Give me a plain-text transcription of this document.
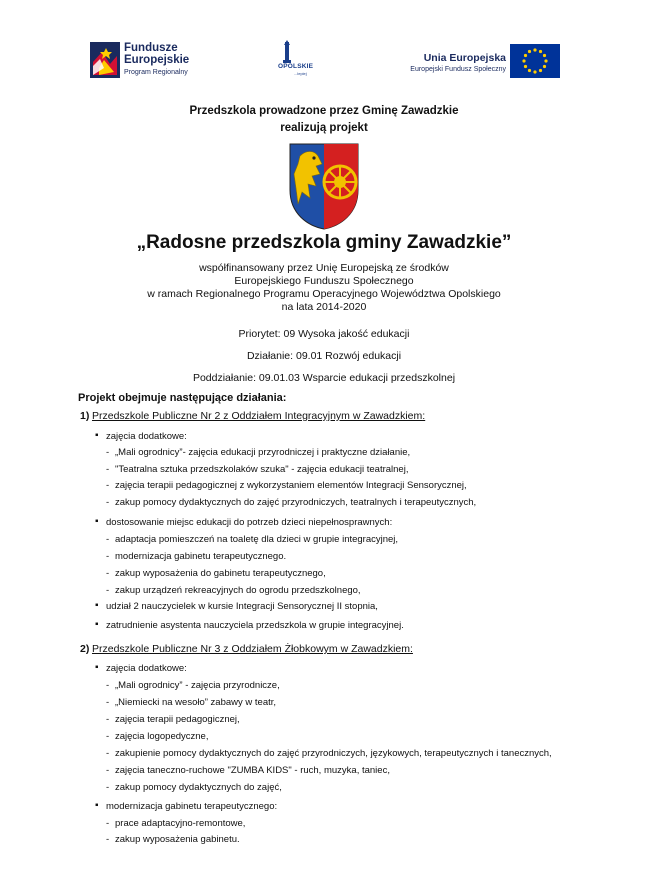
Fundusze
Europejskie
Program Regionalny
OPOLSKIE
...lepiej
Unia Europejska
Europejski Fundusz Społeczny
Przedszkola prowadzone przez Gminę Zawadzkie
realizują projekt
„Radosne przedszkola gminy Zawadzkie”
współfinansowany przez Unię Europejską ze środków
Europejskiego Funduszu Społecznego
w ramach Regionalnego Programu Operacyjnego Województwa Opolskiego
na lata 2014-2020
Priorytet: 09 Wysoka jakość edukacji
Działanie: 09.01 Rozwój edukacji
Poddziałanie: 09.01.03 Wsparcie edukacji przedszkolnej
Projekt obejmuje następujące działania:
1) Przedszkole Publiczne Nr 2 z Oddziałem Integracyjnym w Zawadzkiem:
▪ zajęcia dodatkowe:
- „Mali ogrodnicy”- zajęcia edukacji przyrodniczej i praktyczne działanie,
- "Teatralna sztuka przedszkolaków szuka" - zajęcia edukacji teatralnej,
- zajęcia terapii pedagogicznej z wykorzystaniem elementów Integracji Sensorycznej,
- zakup pomocy dydaktycznych do zajęć przyrodniczych, teatralnych i terapeutycznych,
▪ dostosowanie miejsc edukacji do potrzeb dzieci niepełnosprawnych:
- adaptacja pomieszczeń na toaletę dla dzieci w grupie integracyjnej,
- modernizacja gabinetu terapeutycznego.
- zakup wyposażenia do gabinetu terapeutycznego,
- zakup urządzeń rekreacyjnych do ogrodu przedszkolnego,
▪ udział 2 nauczycielek w kursie Integracji Sensorycznej II stopnia,
▪ zatrudnienie asystenta nauczyciela przedszkola w grupie integracyjnej.
2) Przedszkole Publiczne Nr 3 z Oddziałem Żłobkowym w Zawadzkiem:
▪ zajęcia dodatkowe:
- „Mali ogrodnicy” - zajęcia przyrodnicze,
- „Niemiecki na wesoło” zabawy w teatr,
- zajęcia terapii pedagogicznej,
- zajęcia logopedyczne,
- zakupienie pomocy dydaktycznych do zajęć przyrodniczych, językowych, terapeutycznych i tanecznych,
- zajęcia taneczno-ruchowe "ZUMBA KIDS" - ruch, muzyka, taniec,
- zakup pomocy dydaktycznych do zajęć,
▪ modernizacja gabinetu terapeutycznego:
- prace adaptacyjno-remontowe,
- zakup wyposażenia gabinetu.
